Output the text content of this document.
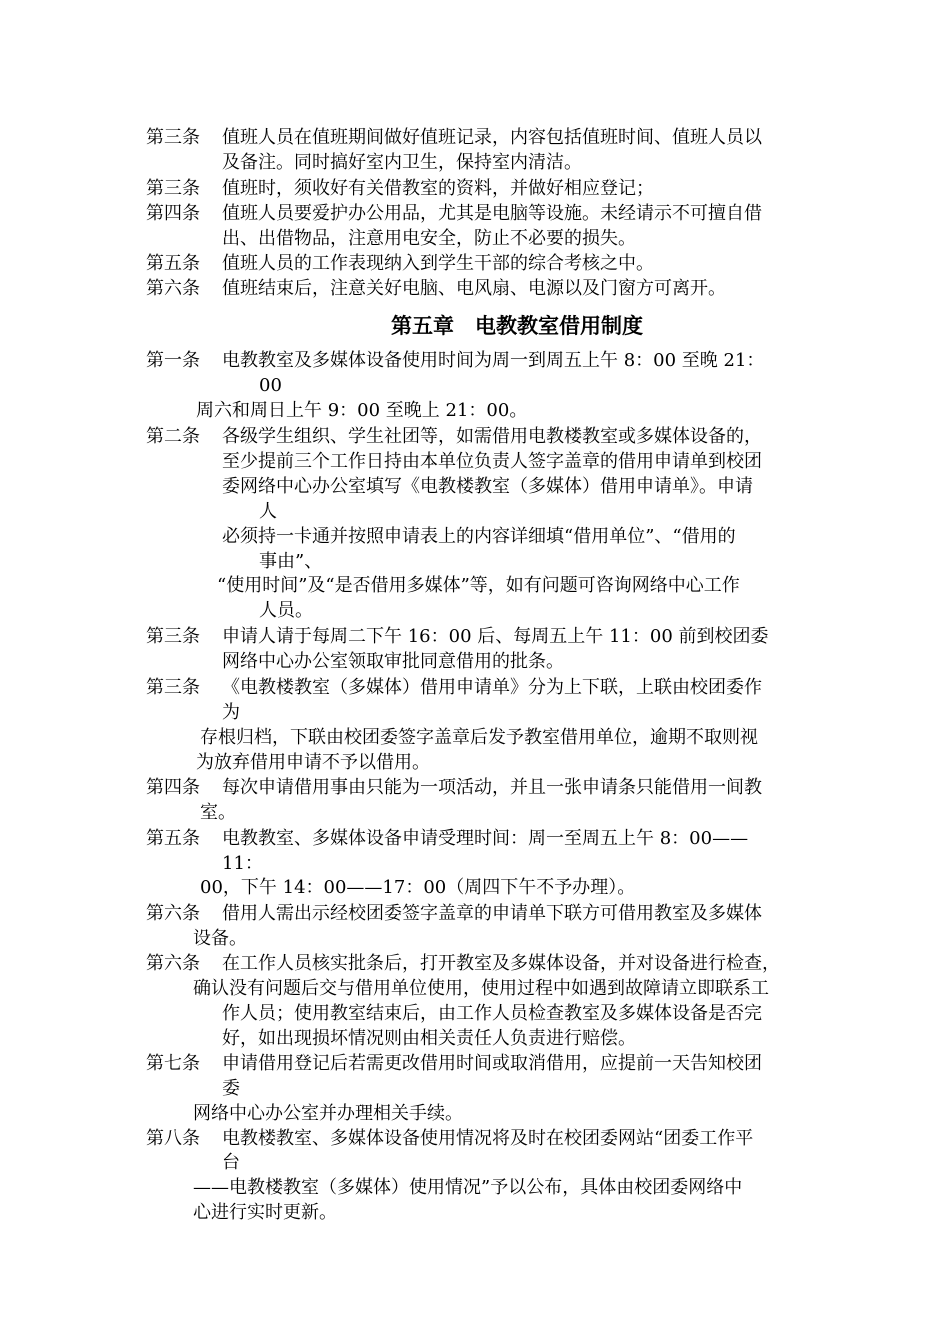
第三条 值班人员在值班期间做好值班记录，内容包括值班时间、值班人员以
及备注。同时搞好室内卫生，保持室内清洁。
第三条 值班时，须收好有关借教室的资料，并做好相应登记；
第四条 值班人员要爱护办公用品，尤其是电脑等设施。未经请示不可擅自借
出、出借物品，注意用电安全，防止不必要的损失。
第五条 值班人员的工作表现纳入到学生干部的综合考核之中。
第六条 值班结束后，注意关好电脑、电风扇、电源以及门窗方可离开。
第五章　电教教室借用制度
第一条 电教教室及多媒体设备使用时间为周一到周五上午 8：00 至晚 21：
00
周六和周日上午 9：00 至晚上 21：00。
第二条 各级学生组织、学生社团等，如需借用电教楼教室或多媒体设备的，
至少提前三个工作日持由本单位负责人签字盖章的借用申请单到校团
委网络中心办公室填写《电教楼教室（多媒体）借用申请单》。申请
人
必须持一卡通并按照申请表上的内容详细填“借用单位”、“借用的
事由”、
“使用时间”及“是否借用多媒体”等，如有问题可咨询网络中心工作
人员。
第三条 申请人请于每周二下午 16：00 后、每周五上午 11：00 前到校团委
网络中心办公室领取审批同意借用的批条。
第三条 《电教楼教室（多媒体）借用申请单》分为上下联，上联由校团委作
为
存根归档，下联由校团委签字盖章后发予教室借用单位，逾期不取则视
为放弃借用申请不予以借用。
第四条 每次申请借用事由只能为一项活动，并且一张申请条只能借用一间教
室。
第五条 电教教室、多媒体设备申请受理时间：周一至周五上午 8：00——
11：
00，下午 14：00——17：00（周四下午不予办理）。
第六条 借用人需出示经校团委签字盖章的申请单下联方可借用教室及多媒体
设备。
第六条 在工作人员核实批条后，打开教室及多媒体设备，并对设备进行检查，
确认没有问题后交与借用单位使用，使用过程中如遇到故障请立即联系工
作人员；使用教室结束后，由工作人员检查教室及多媒体设备是否完
好，如出现损坏情况则由相关责任人负责进行赔偿。
第七条 申请借用登记后若需更改借用时间或取消借用，应提前一天告知校团
委
网络中心办公室并办理相关手续。
第八条 电教楼教室、多媒体设备使用情况将及时在校团委网站“团委工作平
台
——电教楼教室（多媒体）使用情况”予以公布，具体由校团委网络中
心进行实时更新。
